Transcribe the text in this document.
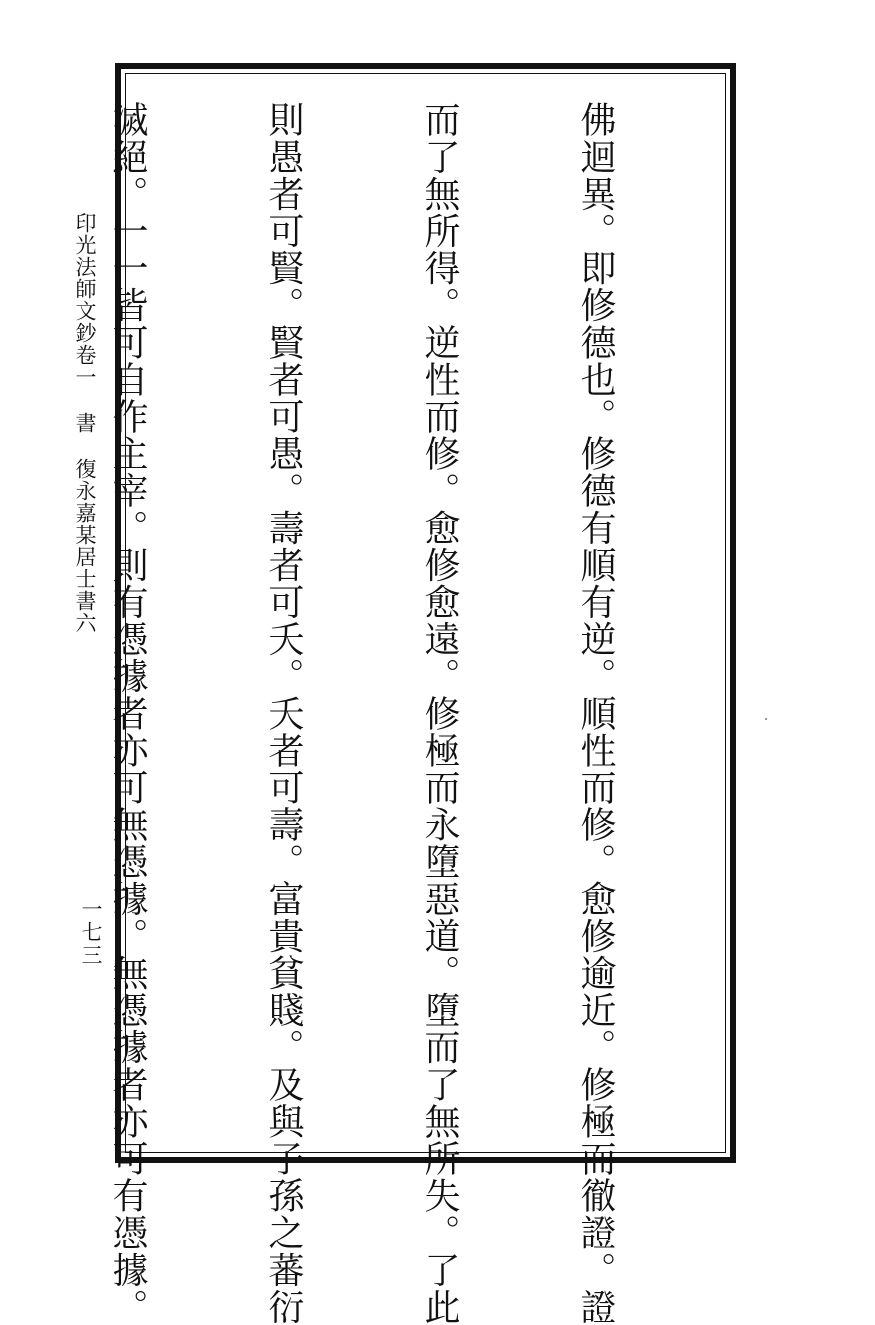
印光法師文鈔卷一書復永嘉某居士書六
一七三

	佛迴異。即修德也。修德有順有逆。順性而修。愈修逾近。修極而徹證。證

而了無所得。逆性而修。愈修愈遠。修極而永墮惡道。墮而了無所失。了此

則愚者可賢。賢者可愚。壽者可夭。夭者可壽。富貴貧賤。及與子孫之蕃衍

滅絕。一一皆可自作主宰。則有憑據者亦可無憑據。無憑據者亦可有憑據。
